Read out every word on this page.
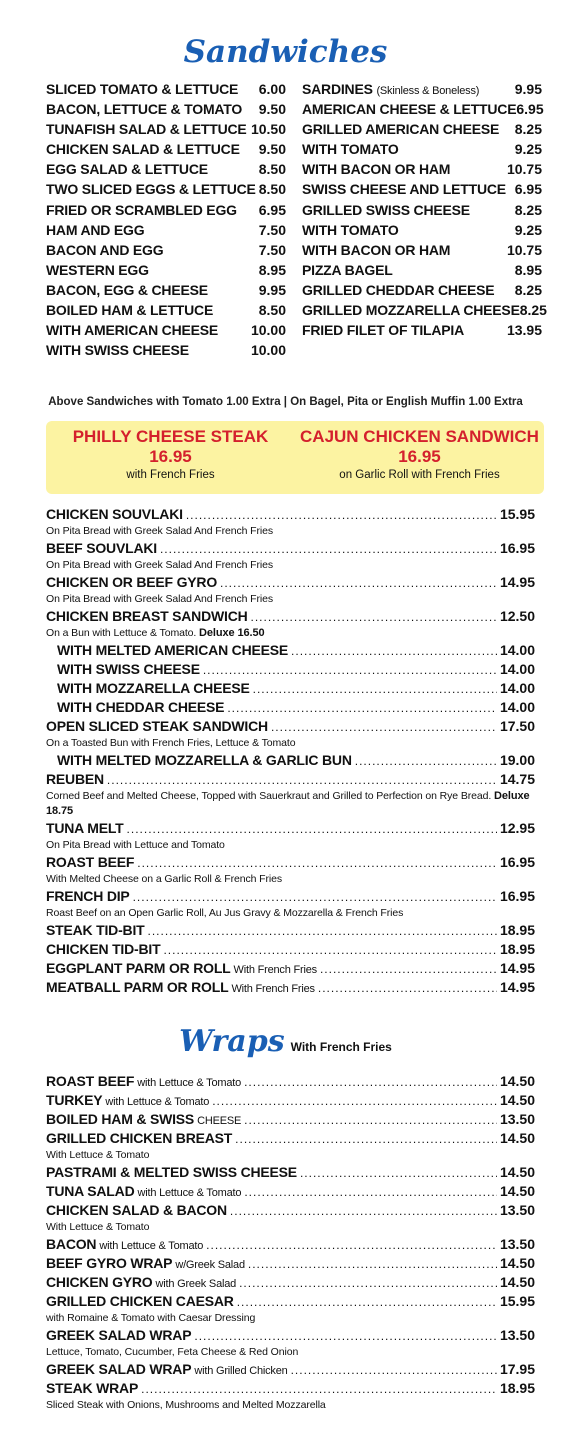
Sandwiches
SLICED TOMATO & LETTUCE 6.00
BACON, LETTUCE & TOMATO 9.50
TUNAFISH SALAD & LETTUCE 10.50
CHICKEN SALAD & LETTUCE 9.50
EGG SALAD & LETTUCE	8.50
TWO SLICED EGGS & LETTUCE 8.50
FRIED OR SCRAMBLED EGG 6.95
HAM AND EGG	7.50
BACON AND EGG	7.50
WESTERN EGG	8.95
BACON, EGG & CHEESE	9.95
BOILED HAM & LETTUCE	8.50
WITH AMERICAN CHEESE 10.00
WITH SWISS CHEESE	10.00
SARDINES (Skinless & Boneless)	9.95
AMERICAN CHEESE & LETTUCE 6.95
GRILLED AMERICAN CHEESE 8.25
WITH TOMATO	9.25
WITH BACON OR HAM	10.75
SWISS CHEESE AND LETTUCE 6.95
GRILLED SWISS CHEESE	8.25
WITH TOMATO	9.25
WITH BACON OR HAM	10.75
PIZZA BAGEL	8.95
GRILLED CHEDDAR CHEESE 8.25
GRILLED MOZZARELLA CHEESE 8.25
FRIED FILET OF TILAPIA	13.95
Above Sandwiches with Tomato 1.00 Extra | On Bagel, Pita or English Muffin 1.00 Extra
PHILLY CHEESE STEAK
16.95
with French Fries
CAJUN CHICKEN SANDWICH
16.95
on Garlic Roll with French Fries
CHICKEN SOUVLAKI .....	15.95
On Pita Bread with Greek Salad And French Fries
BEEF SOUVLAKI .....	16.95
On Pita Bread with Greek Salad And French Fries
CHICKEN OR BEEF GYRO .....	14.95
On Pita Bread with Greek Salad And French Fries
CHICKEN BREAST SANDWICH .....	12.50
On a Bun with Lettuce & Tomato. Deluxe 16.50
WITH MELTED AMERICAN CHEESE .....	14.00
WITH SWISS CHEESE .....	14.00
WITH MOZZARELLA CHEESE .....	14.00
WITH CHEDDAR CHEESE .....	14.00
OPEN SLICED STEAK SANDWICH .....	17.50
On a Toasted Bun with French Fries, Lettuce & Tomato
WITH MELTED MOZZARELLA & GARLIC BUN .....	19.00
REUBEN .....	14.75
Corned Beef and Melted Cheese, Topped with Sauerkraut and Grilled to Perfection on Rye Bread. Deluxe 18.75
TUNA MELT .....	12.95
On Pita Bread with Lettuce and Tomato
ROAST BEEF .....	16.95
With Melted Cheese on a Garlic Roll & French Fries
FRENCH DIP .....	16.95
Roast Beef on an Open Garlic Roll, Au Jus Gravy & Mozzarella & French Fries
STEAK TID-BIT .....	18.95
CHICKEN TID-BIT .....	18.95
EGGPLANT PARM OR ROLL With French Fries .....	14.95
MEATBALL PARM OR ROLL With French Fries .....	14.95
Wraps With French Fries
ROAST BEEF with Lettuce & Tomato .....	14.50
TURKEY with Lettuce & Tomato .....	14.50
BOILED HAM & SWISS CHEESE .....	13.50
GRILLED CHICKEN BREAST .....	14.50
With Lettuce & Tomato
PASTRAMI & MELTED SWISS CHEESE .....	14.50
TUNA SALAD with Lettuce & Tomato .....	14.50
CHICKEN SALAD & BACON .....	13.50
With Lettuce & Tomato
BACON with Lettuce & Tomato .....	13.50
BEEF GYRO WRAP w/Greek Salad .....	14.50
CHICKEN GYRO with Greek Salad .....	14.50
GRILLED CHICKEN CAESAR .....	15.95
with Romaine & Tomato with Caesar Dressing
GREEK SALAD WRAP .....	13.50
Lettuce, Tomato, Cucumber, Feta Cheese & Red Onion
GREEK SALAD WRAP with Grilled Chicken .....	17.95
STEAK WRAP .....	18.95
Sliced Steak with Onions, Mushrooms and Melted Mozzarella
